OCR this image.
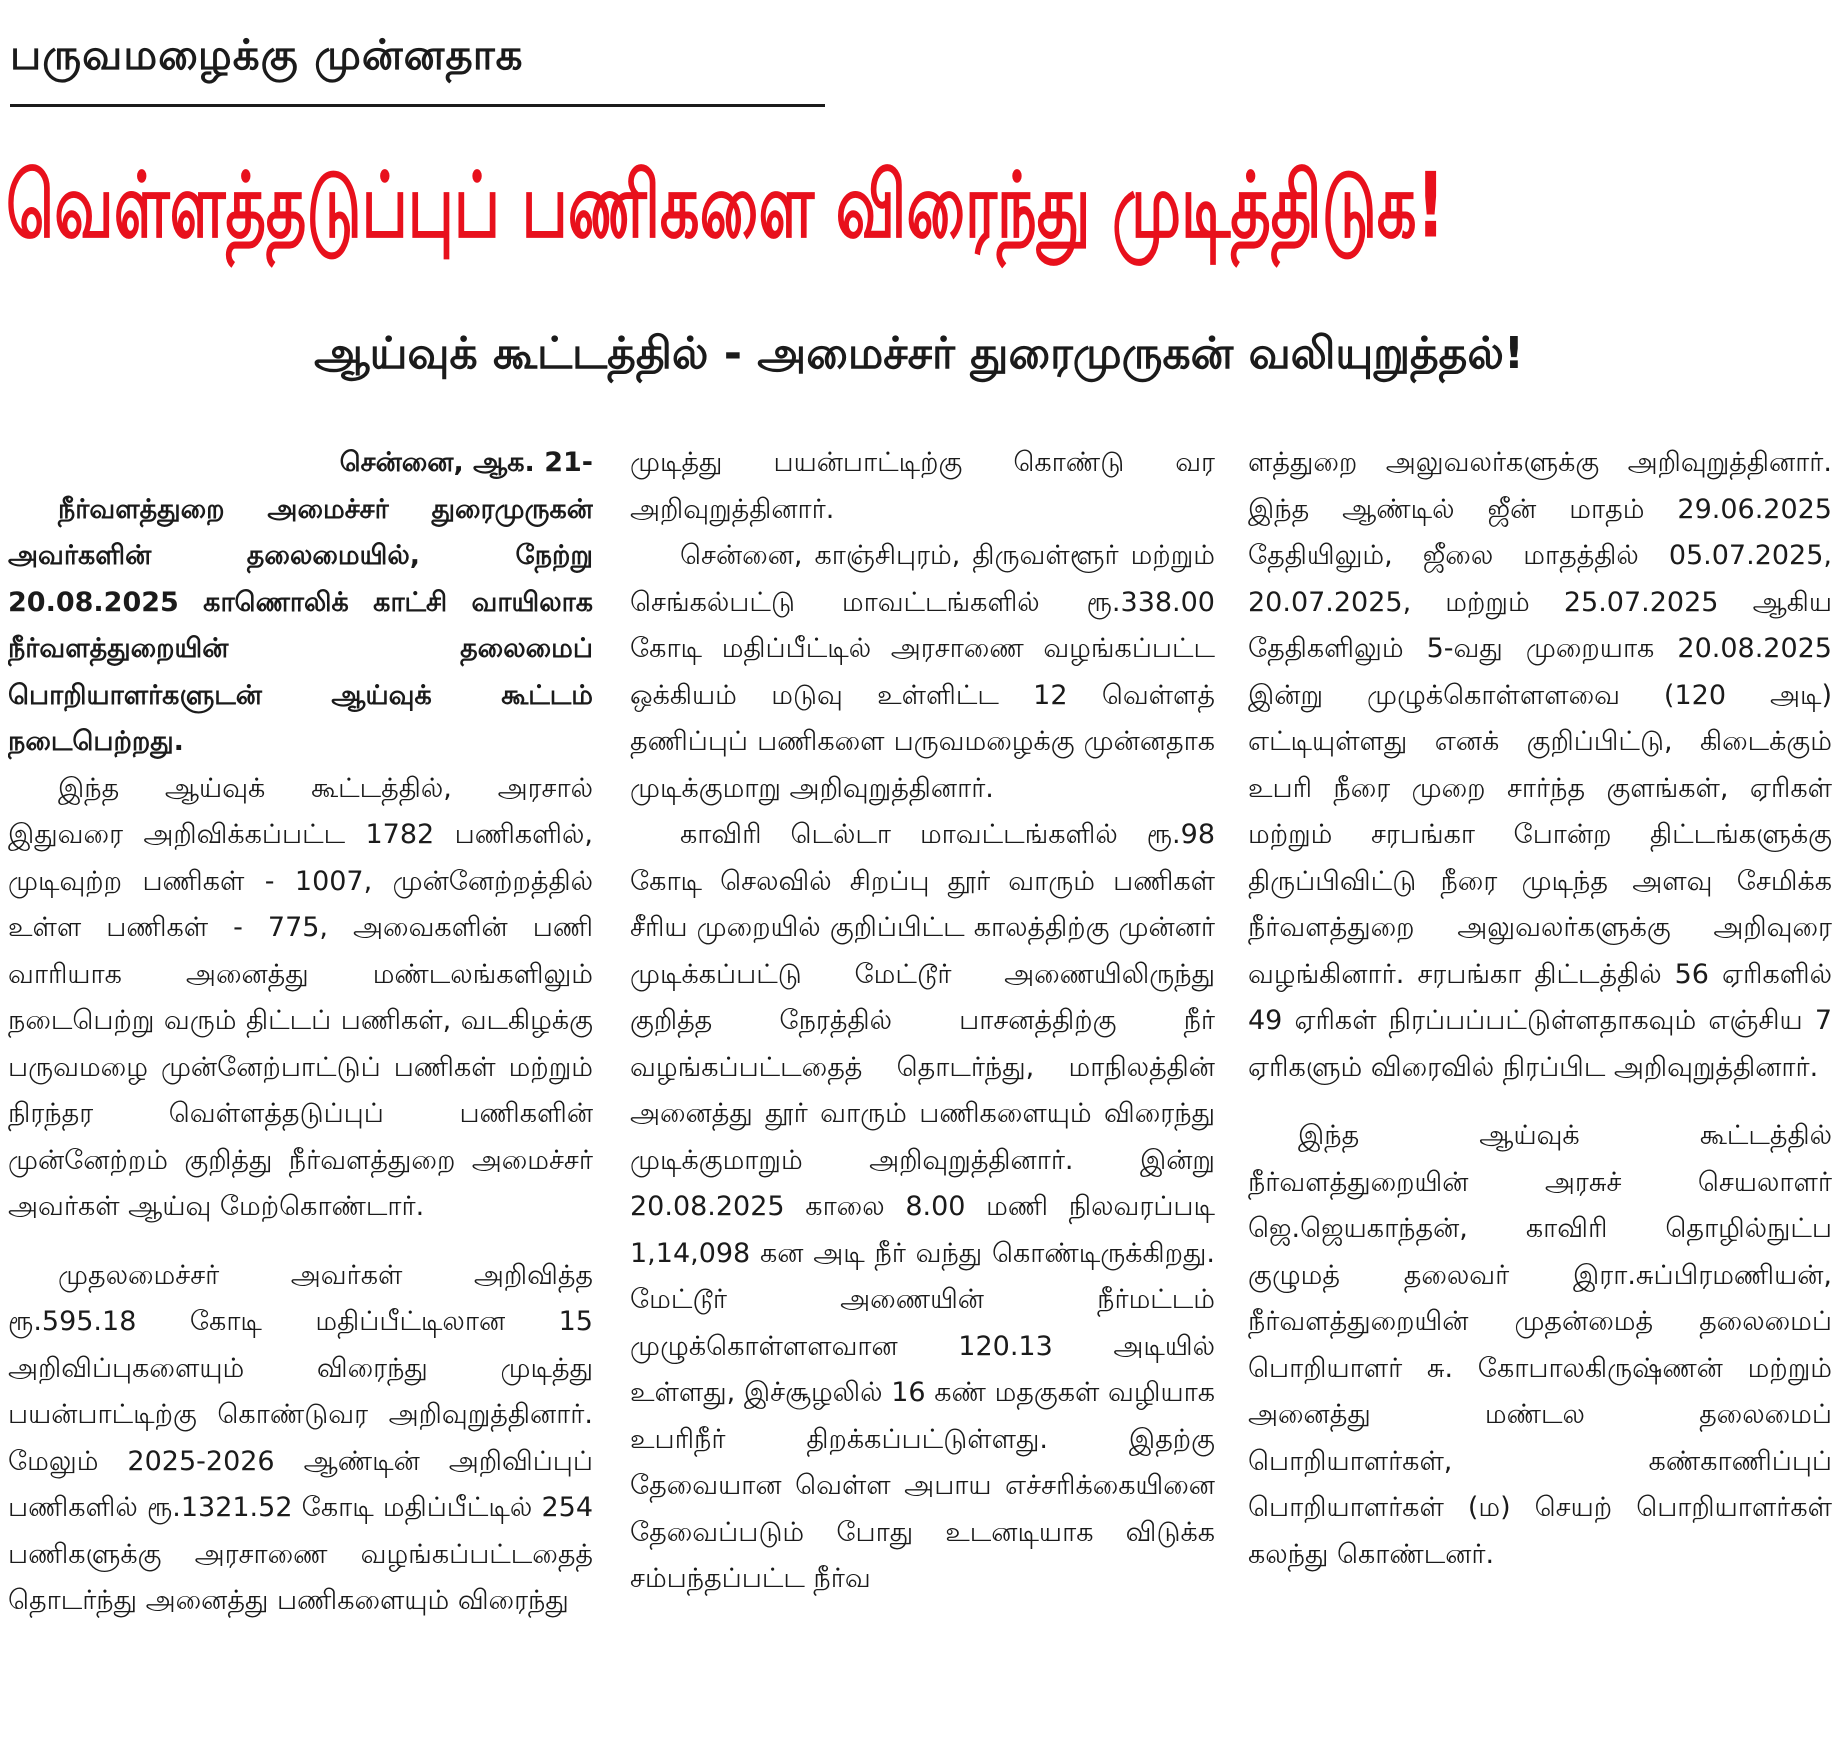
பருவமழைக்கு முன்னதாக
வெள்ளத்தடுப்புப் பணிகளை விரைந்து முடித்திடுக!
ஆய்வுக் கூட்டத்தில் - அமைச்சர் துரைமுருகன் வலியுறுத்தல்!

சென்னை, ஆக. 21-

நீர்வளத்துறை அமைச்சர் துரைமுருகன் அவர்களின் தலைமையில், நேற்று 20.08.2025 காணொலிக் காட்சி வாயிலாக நீர்வளத்துறையின் தலைமைப் பொறியாளர்களுடன் ஆய்வுக் கூட்டம் நடைபெற்றது.

இந்த ஆய்வுக் கூட்டத்தில், அரசால் இதுவரை அறிவிக்கப்பட்ட 1782 பணிகளில், முடிவுற்ற பணிகள் - 1007, முன்னேற்றத்தில் உள்ள பணிகள் - 775, அவைகளின் பணி வாரியாக அனைத்து மண்டலங்களிலும் நடைபெற்று வரும் திட்டப் பணிகள், வடகிழக்கு பருவமழை முன்னேற்பாட்டுப் பணிகள் மற்றும் நிரந்தர வெள்ளத்தடுப்புப் பணிகளின் முன்னேற்றம் குறித்து நீர்வளத்துறை அமைச்சர் அவர்கள் ஆய்வு மேற்கொண்டார்.

முதலமைச்சர் அவர்கள் அறிவித்த ரூ.595.18 கோடி மதிப்பீட்டிலான 15 அறிவிப்புகளையும் விரைந்து முடித்து பயன்பாட்டிற்கு கொண்டுவர அறிவுறுத்தினார். மேலும் 2025-2026 ஆண்டின் அறிவிப்புப் பணிகளில் ரூ.1321.52 கோடி மதிப்பீட்டில் 254 பணிகளுக்கு அரசாணை வழங்கப்பட்டதைத் தொடர்ந்து அனைத்து பணிகளையும் விரைந்து

முடித்து பயன்பாட்டிற்கு கொண்டு வர அறிவுறுத்தினார்.

சென்னை, காஞ்சிபுரம், திருவள்ளூர் மற்றும் செங்கல்பட்டு மாவட்டங்களில் ரூ.338.00 கோடி மதிப்பீட்டில் அரசாணை வழங்கப்பட்ட ஒக்கியம் மடுவு உள்ளிட்ட 12 வெள்ளத் தணிப்புப் பணிகளை பருவமழைக்கு முன்னதாக முடிக்குமாறு அறிவுறுத்தினார்.

காவிரி டெல்டா மாவட்டங்களில் ரூ.98 கோடி செலவில் சிறப்பு தூர் வாரும் பணிகள் சீரிய முறையில் குறிப்பிட்ட காலத்திற்கு முன்னர் முடிக்கப்பட்டு மேட்டூர் அணையிலிருந்து குறித்த நேரத்தில் பாசனத்திற்கு நீர் வழங்கப்பட்டதைத் தொடர்ந்து, மாநிலத்தின் அனைத்து தூர் வாரும் பணிகளையும் விரைந்து முடிக்குமாறும் அறிவுறுத்தினார். இன்று 20.08.2025 காலை 8.00 மணி நிலவரப்படி 1,14,098 கன அடி நீர் வந்து கொண்டிருக்கிறது. மேட்டூர் அணையின் நீர்மட்டம் முழுக்கொள்ளளவான 120.13 அடியில் உள்ளது, இச்சூழலில் 16 கண் மதகுகள் வழியாக உபரிநீர் திறக்கப்பட்டுள்ளது. இதற்கு தேவையான வெள்ள அபாய எச்சரிக்கையினை தேவைப்படும் போது உடனடியாக விடுக்க சம்பந்தப்பட்ட நீர்வ

ளத்துறை அலுவலர்களுக்கு அறிவுறுத்தினார். இந்த ஆண்டில் ஜீன் மாதம் 29.06.2025 தேதியிலும், ஜீலை மாதத்தில் 05.07.2025, 20.07.2025, மற்றும் 25.07.2025 ஆகிய தேதிகளிலும் 5-வது முறையாக 20.08.2025 இன்று முழுக்கொள்ளளவை (120 அடி) எட்டியுள்ளது எனக் குறிப்பிட்டு, கிடைக்கும் உபரி நீரை முறை சார்ந்த குளங்கள், ஏரிகள் மற்றும் சரபங்கா போன்ற திட்டங்களுக்கு திருப்பிவிட்டு நீரை முடிந்த அளவு சேமிக்க நீர்வளத்துறை அலுவலர்களுக்கு அறிவுரை வழங்கினார். சரபங்கா திட்டத்தில் 56 ஏரிகளில் 49 ஏரிகள் நிரப்பப்பட்டுள்ளதாகவும் எஞ்சிய 7 ஏரிகளும் விரைவில் நிரப்பிட அறிவுறுத்தினார்.

இந்த ஆய்வுக் கூட்டத்தில் நீர்வளத்துறையின் அரசுச் செயலாளர் ஜெ.ஜெயகாந்தன், காவிரி தொழில்நுட்ப குழுமத் தலைவர் இரா.சுப்பிரமணியன், நீர்வளத்துறையின் முதன்மைத் தலைமைப் பொறியாளர் சு. கோபாலகிருஷ்ணன் மற்றும் அனைத்து மண்டல தலைமைப் பொறியாளர்கள், கண்காணிப்புப் பொறியாளர்கள் (ம) செயற் பொறியாளர்கள் கலந்து கொண்டனர்.
